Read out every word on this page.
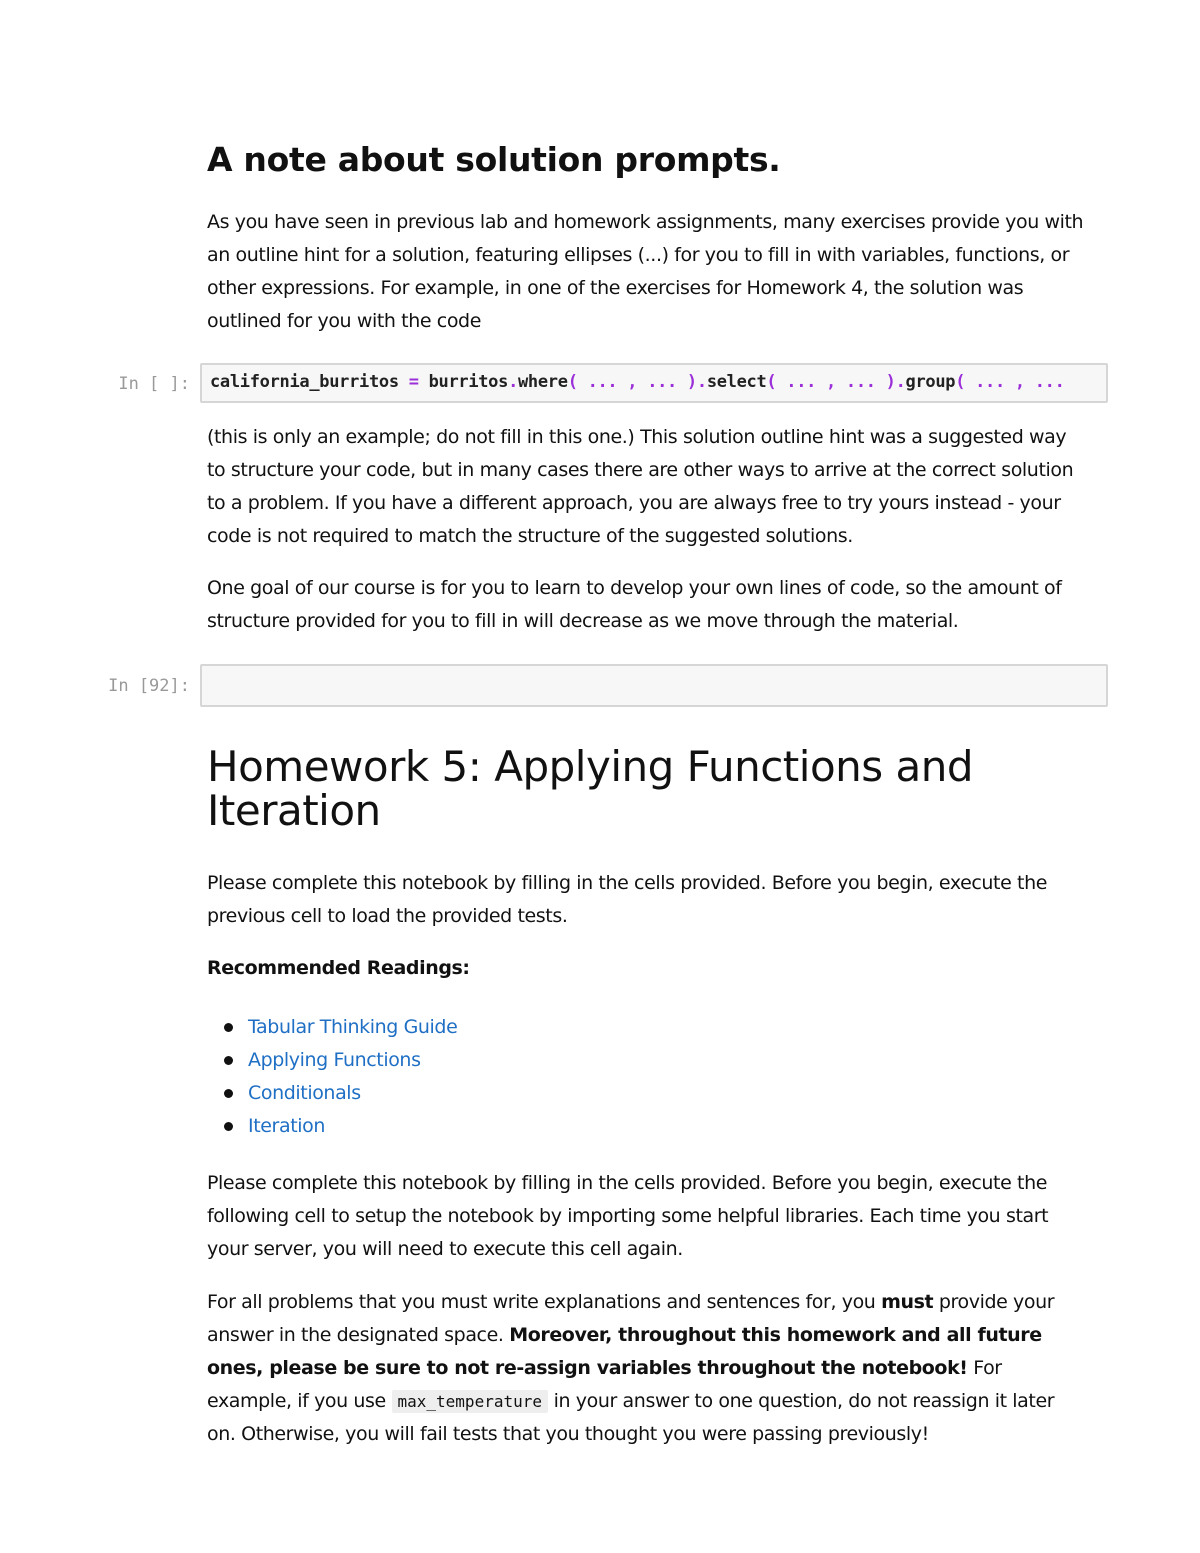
A note about solution prompts.
As you have seen in previous lab and homework assignments, many exercises provide you with an outline hint for a solution, featuring ellipses (...) for you to fill in with variables, functions, or other expressions. For example, in one of the exercises for Homework 4, the solution was outlined for you with the code
In [ ]: california_burritos = burritos.where( ... , ... ).select( ... , ... ).group( ... , ...
(this is only an example; do not fill in this one.) This solution outline hint was a suggested way to structure your code, but in many cases there are other ways to arrive at the correct solution to a problem. If you have a different approach, you are always free to try yours instead - your code is not required to match the structure of the suggested solutions.
One goal of our course is for you to learn to develop your own lines of code, so the amount of structure provided for you to fill in will decrease as we move through the material.
In [92]:
Homework 5: Applying Functions and Iteration
Please complete this notebook by filling in the cells provided. Before you begin, execute the previous cell to load the provided tests.
Recommended Readings:
Tabular Thinking Guide
Applying Functions
Conditionals
Iteration
Please complete this notebook by filling in the cells provided. Before you begin, execute the following cell to setup the notebook by importing some helpful libraries. Each time you start your server, you will need to execute this cell again.
For all problems that you must write explanations and sentences for, you must provide your answer in the designated space. Moreover, throughout this homework and all future ones, please be sure to not re-assign variables throughout the notebook! For example, if you use max_temperature in your answer to one question, do not reassign it later on. Otherwise, you will fail tests that you thought you were passing previously!
